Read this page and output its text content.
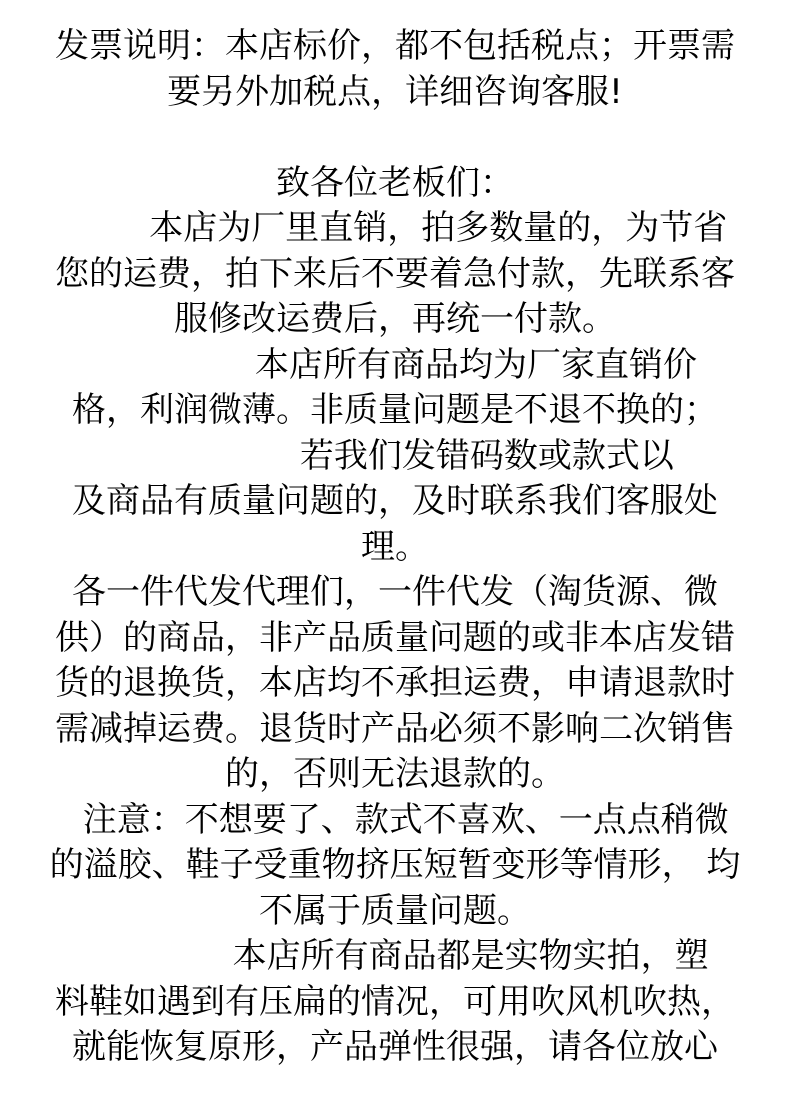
发票说明：本店标价，都不包括税点；开票需
要另外加税点，详细咨询客服!
致各位老板们：
本店为厂里直销，拍多数量的，为节省
您的运费，拍下来后不要着急付款，先联系客
服修改运费后，再统一付款。
本店所有商品均为厂家直销价
格，利润微薄。非质量问题是不退不换的；
若我们发错码数或款式以
及商品有质量问题的，及时联系我们客服处
理。
各一件代发代理们，一件代发（淘货源、微
供）的商品，非产品质量问题的或非本店发错
货的退换货，本店均不承担运费，申请退款时
需减掉运费。退货时产品必须不影响二次销售
的，否则无法退款的。
注意：不想要了、款式不喜欢、一点点稍微
的溢胶、鞋子受重物挤压短暂变形等情形， 均
不属于质量问题。
本店所有商品都是实物实拍，塑
料鞋如遇到有压扁的情况，可用吹风机吹热，
就能恢复原形，产品弹性很强，请各位放心
